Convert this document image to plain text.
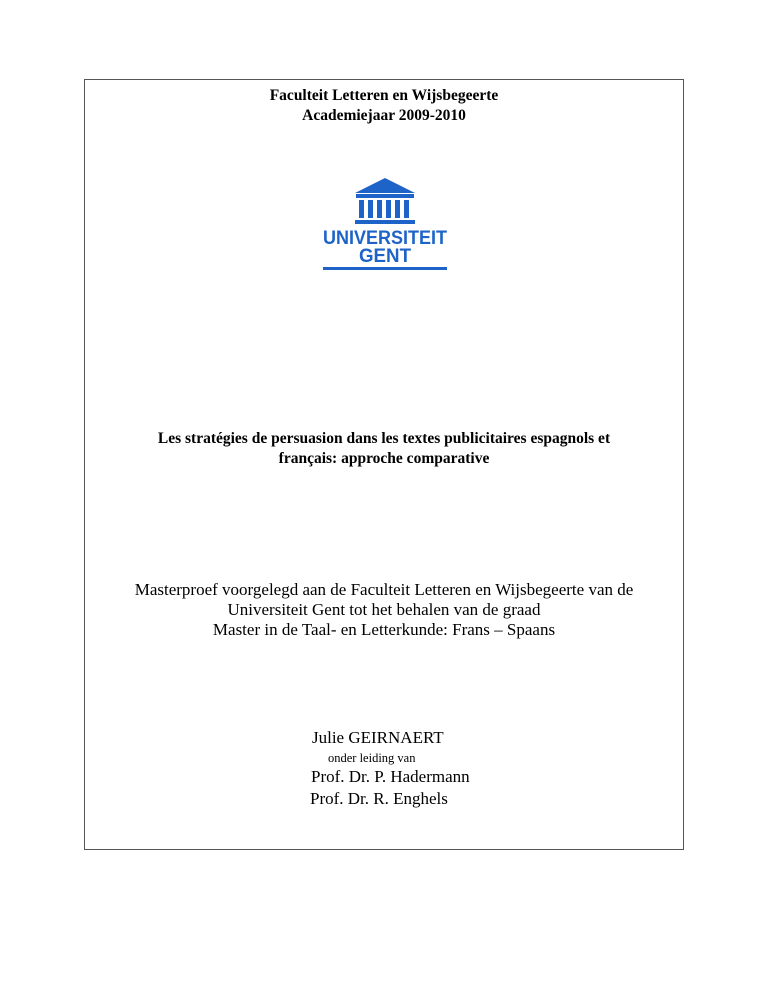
Faculteit Letteren en Wijsbegeerte
Academiejaar 2009-2010
UNIVERSITEIT
GENT
Les stratégies de persuasion dans les textes publicitaires espagnols et
français: approche comparative
Masterproef voorgelegd aan de Faculteit Letteren en Wijsbegeerte van de
Universiteit Gent tot het behalen van de graad
Master in de Taal- en Letterkunde: Frans – Spaans
Julie GEIRNAERT
onder leiding van
Prof. Dr. P. Hadermann
Prof. Dr. R. Enghels
